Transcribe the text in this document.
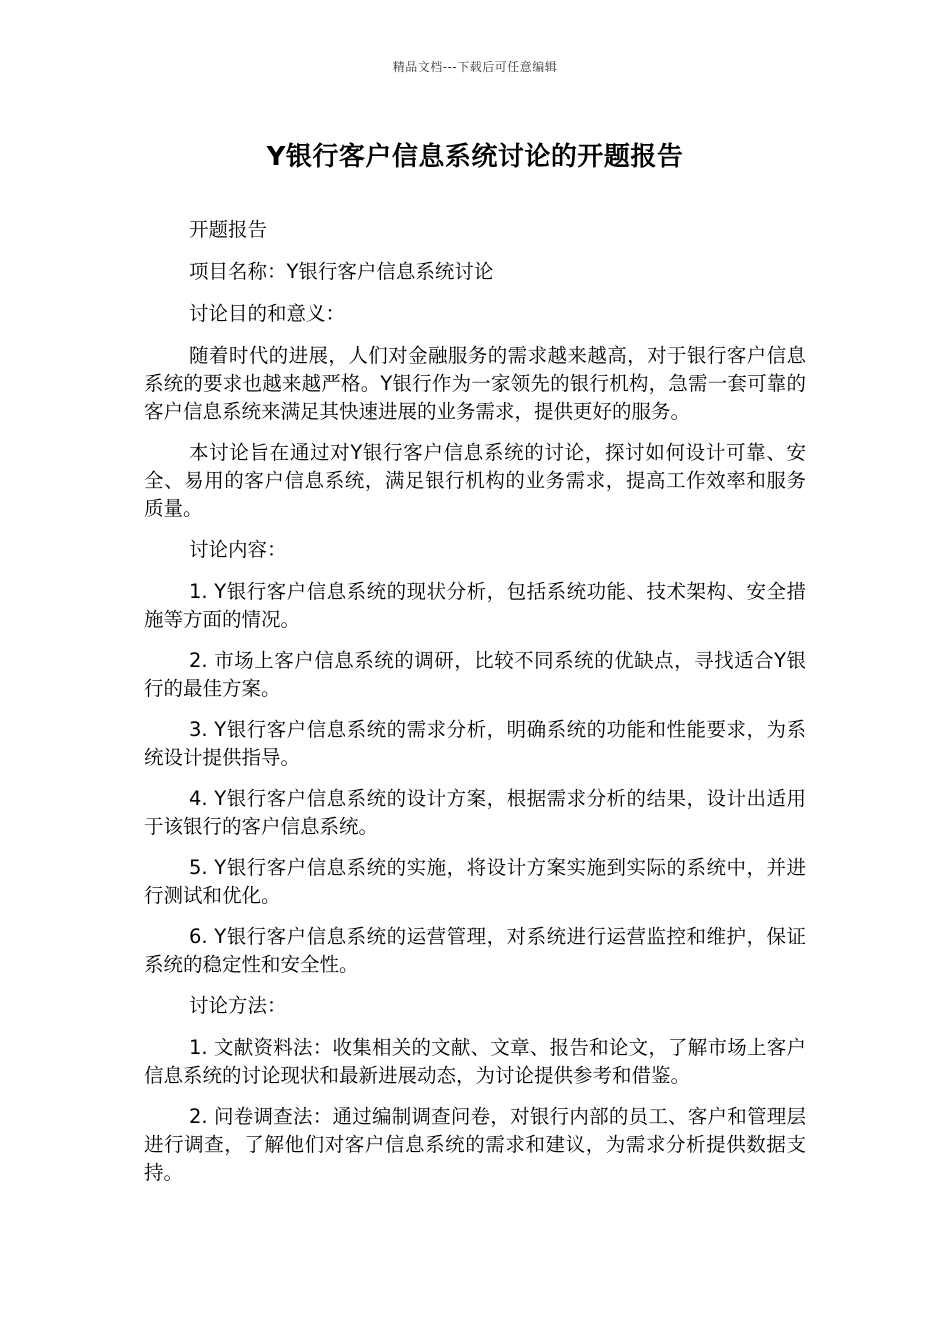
精品文档---下载后可任意编辑
Y银行客户信息系统讨论的开题报告

开题报告

项目名称：Y银行客户信息系统讨论

讨论目的和意义：

随着时代的进展，人们对金融服务的需求越来越高，对于银行客户信息系统的要求也越来越严格。Y银行作为一家领先的银行机构，急需一套可靠的客户信息系统来满足其快速进展的业务需求，提供更好的服务。

本讨论旨在通过对Y银行客户信息系统的讨论，探讨如何设计可靠、安全、易用的客户信息系统，满足银行机构的业务需求，提高工作效率和服务质量。

讨论内容：

1. Y银行客户信息系统的现状分析，包括系统功能、技术架构、安全措施等方面的情况。

2. 市场上客户信息系统的调研，比较不同系统的优缺点，寻找适合Y银行的最佳方案。

3. Y银行客户信息系统的需求分析，明确系统的功能和性能要求，为系统设计提供指导。

4. Y银行客户信息系统的设计方案，根据需求分析的结果，设计出适用于该银行的客户信息系统。

5. Y银行客户信息系统的实施，将设计方案实施到实际的系统中，并进行测试和优化。

6. Y银行客户信息系统的运营管理，对系统进行运营监控和维护，保证系统的稳定性和安全性。

讨论方法：

1. 文献资料法：收集相关的文献、文章、报告和论文，了解市场上客户信息系统的讨论现状和最新进展动态，为讨论提供参考和借鉴。

2. 问卷调查法：通过编制调查问卷，对银行内部的员工、客户和管理层进行调查，了解他们对客户信息系统的需求和建议，为需求分析提供数据支持。
